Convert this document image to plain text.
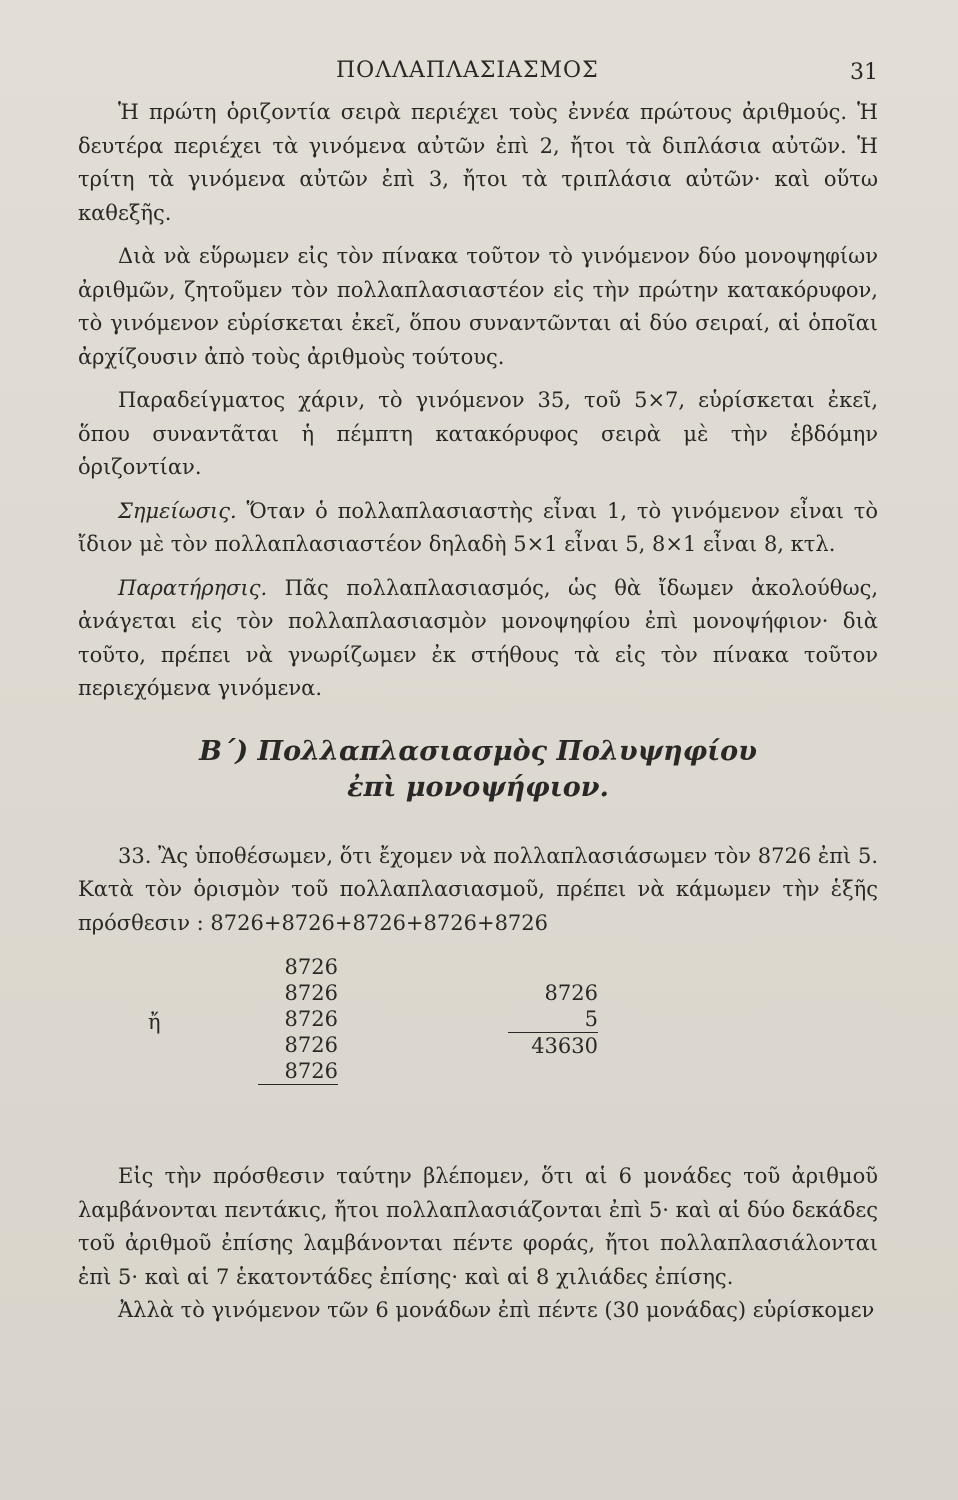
ΠΟΛΛΑΠΛΑΣΙΑΣΜΟΣ	31

Ἡ πρώτη ὁριζοντία σειρὰ περιέχει τοὺς ἐννέα πρώτους ἀριθμούς. Ἡ δευτέρα περιέχει τὰ γινόμενα αὐτῶν ἐπὶ 2, ἤτοι τὰ διπλάσια αὐτῶν. Ἡ τρίτη τὰ γινόμενα αὐτῶν ἐπὶ 3, ἤτοι τὰ τριπλάσια αὐτῶν· καὶ οὕτω καθεξῆς.

Διὰ νὰ εὕρωμεν εἰς τὸν πίνακα τοῦτον τὸ γινόμενον δύο μονοψηφίων ἀριθμῶν, ζητοῦμεν τὸν πολλαπλασιαστέον εἰς τὴν πρώτην κατακόρυφον, τὸ γινόμενον εὑρίσκεται ἐκεῖ, ὅπου συναντῶνται αἱ δύο σειραί, αἱ ὁποῖαι ἀρχίζουσιν ἀπὸ τοὺς ἀριθμοὺς τούτους.

Παραδείγματος χάριν, τὸ γινόμενον 35, τοῦ 5×7, εὑρίσκεται ἐκεῖ, ὅπου συναντᾶται ἡ πέμπτη κατακόρυφος σειρὰ μὲ τὴν ἑβδόμην ὁριζοντίαν.

Σημείωσις. Ὅταν ὁ πολλαπλασιαστὴς εἶναι 1, τὸ γινόμενον εἶναι τὸ ἴδιον μὲ τὸν πολλαπλασιαστέον δηλαδὴ 5×1 εἶναι 5, 8×1 εἶναι 8, κτλ.

Παρατήρησις. Πᾶς πολλαπλασιασμός, ὡς θὰ ἴδωμεν ἀκολούθως, ἀνάγεται εἰς τὸν πολλαπλασιασμὸν μονοψηφίου ἐπὶ μονοψήφιον· διὰ τοῦτο, πρέπει νὰ γνωρίζωμεν ἐκ στήθους τὰ εἰς τὸν πίνακα τοῦτον περιεχόμενα γινόμενα.

Β΄) Πολλαπλασιασμὸς Πολυψηφίου
ἐπὶ μονοψήφιον.

33. Ἂς ὑποθέσωμεν, ὅτι ἔχομεν νὰ πολλαπλασιάσωμεν τὸν 8726 ἐπὶ 5. Κατὰ τὸν ὁρισμὸν τοῦ πολλαπλασιασμοῦ, πρέπει νὰ κάμωμεν τὴν ἑξῆς πρόσθεσιν : 8726+8726+8726+8726+8726

8726
8726
8726
8726
8726
ἤ
8726
5
43630

Εἰς τὴν πρόσθεσιν ταύτην βλέπομεν, ὅτι αἱ 6 μονάδες τοῦ ἀριθμοῦ λαμβάνονται πεντάκις, ἤτοι πολλαπλασιάζονται ἐπὶ 5· καὶ αἱ δύο δεκάδες τοῦ ἀριθμοῦ ἐπίσης λαμβάνονται πέντε φοράς, ἤτοι πολλαπλασιάλονται ἐπὶ 5· καὶ αἱ 7 ἑκατοντάδες ἐπίσης· καὶ αἱ 8 χιλιάδες ἐπίσης.

Ἀλλὰ τὸ γινόμενον τῶν 6 μονάδων ἐπὶ πέντε (30 μονάδας) εὑρίσκομεν
